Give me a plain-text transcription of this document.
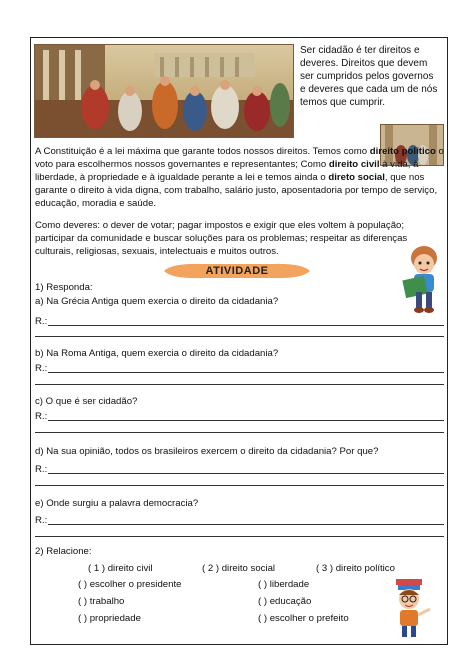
Ser cidadão é ter direitos e deveres. Direitos que devem ser cumpridos pelos governos e deveres que cada um de nós temos que cumprir.
A Constituição é a lei máxima que garante todos nossos direitos. Temos como direito político o voto para escolhermos nossos governantes e representantes; Como direito civil à vida, à liberdade, à propriedade e à igualdade perante a lei e temos ainda o direto social, que nos garante o direito à vida digna, com trabalho, salário justo, aposentadoria por tempo de serviço, educação, moradia e saúde.
Como deveres: o dever de votar; pagar impostos e exigir que eles voltem à população; participar da comunidade e buscar soluções para os problemas; respeitar as diferenças culturais, religiosas, sexuais, intelectuais e muitos outros.
ATIVIDADE
1) Responda:
a) Na Grécia Antiga quem exercia o direito da cidadania?
R.:
b) Na Roma Antiga, quem exercia o direito da cidadania?
R.:
c) O que é ser cidadão?
R.:
d) Na sua opinião, todos os brasileiros exercem o direito da cidadania? Por que?
R.:
e) Onde surgiu a palavra democracia?
R.:
2) Relacione:
( 1 ) direito civil	( 2 ) direito social	( 3 ) direito político
( ) escolher o presidente
( ) trabalho
( ) propriedade
( ) liberdade
( ) educação
( ) escolher o prefeito
